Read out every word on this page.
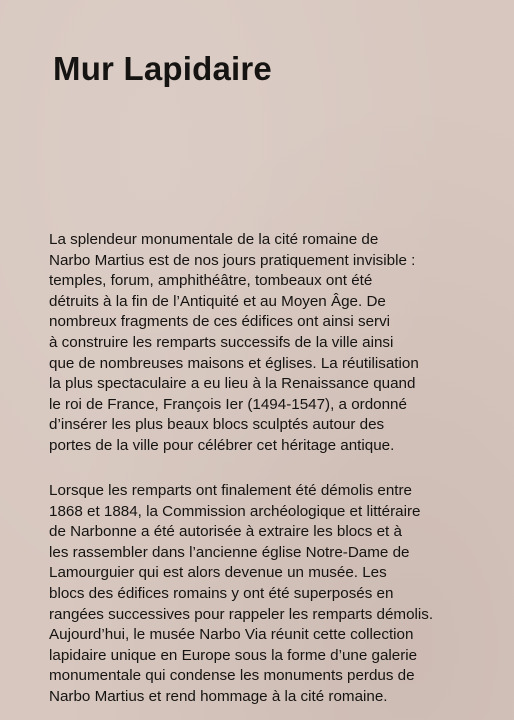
Mur Lapidaire
La splendeur monumentale de la cité romaine de
Narbo Martius est de nos jours pratiquement invisible :
temples, forum, amphithéâtre, tombeaux ont été
détruits à la fin de l’Antiquité et au Moyen Âge. De
nombreux fragments de ces édifices ont ainsi servi
à construire les remparts successifs de la ville ainsi
que de nombreuses maisons et églises. La réutilisation
la plus spectaculaire a eu lieu à la Renaissance quand
le roi de France, François Ier (1494-1547), a ordonné
d’insérer les plus beaux blocs sculptés autour des
portes de la ville pour célébrer cet héritage antique.
Lorsque les remparts ont finalement été démolis entre
1868 et 1884, la Commission archéologique et littéraire
de Narbonne a été autorisée à extraire les blocs et à
les rassembler dans l’ancienne église Notre-Dame de
Lamourguier qui est alors devenue un musée. Les
blocs des édifices romains y ont été superposés en
rangées successives pour rappeler les remparts démolis.
Aujourd’hui, le musée Narbo Via réunit cette collection
lapidaire unique en Europe sous la forme d’une galerie
monumentale qui condense les monuments perdus de
Narbo Martius et rend hommage à la cité romaine.
